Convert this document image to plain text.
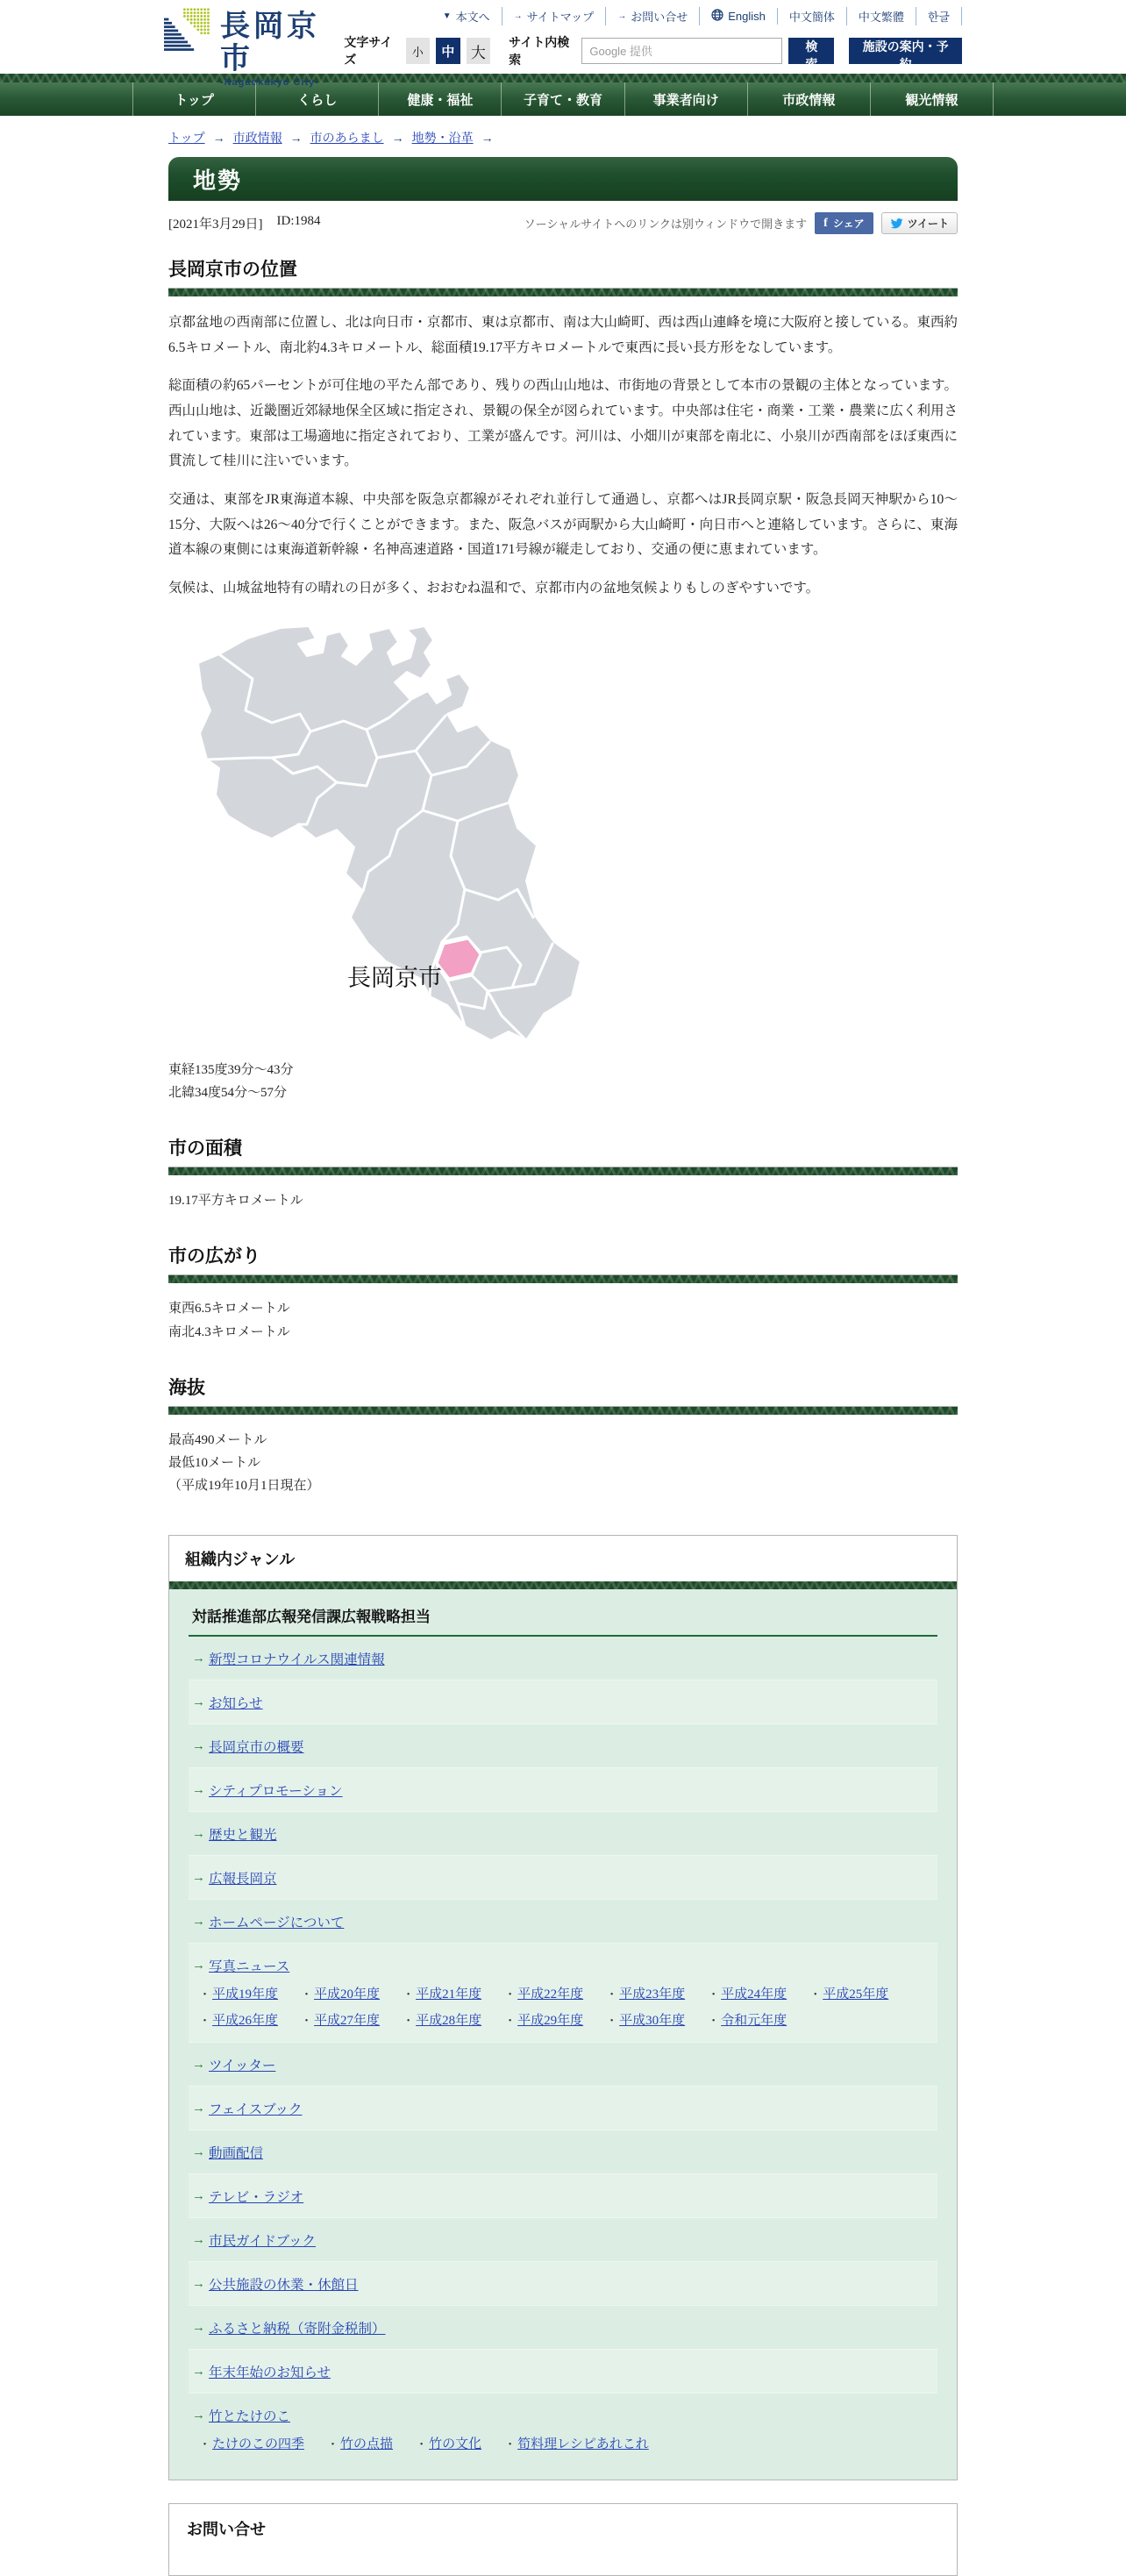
長岡京市
-Nagaokakyo City-
▼ 本文へ	→ サイトマップ	→ お問い合せ	English 中文簡体 中文繁體 한글
文字サイズ
小	中	大
サイト内検索
Google 提供
検索
施設の案内・予約
トップ	くらし	健康・福祉	子育て・教育	事業者向け	市政情報	観光情報
トップ → 市政情報 → 市のあらまし → 地勢・沿革 →
地勢
[2021年3月29日] ID:1984	ソーシャルサイトへのリンクは別ウィンドウで開きます f シェア	ツイート
長岡京市の位置

京都盆地の西南部に位置し、北は向日市・京都市、東は京都市、南は大山崎町、西は西山連峰を境に大阪府と接している。東西約6.5キロメートル、南北約4.3キロメートル、総面積19.17平方キロメートルで東西に長い長方形をなしています。

総面積の約65パーセントが可住地の平たん部であり、残りの西山山地は、市街地の背景として本市の景観の主体となっています。西山山地は、近畿圏近郊緑地保全区域に指定され、景観の保全が図られています。中央部は住宅・商業・工業・農業に広く利用されています。東部は工場適地に指定されており、工業が盛んです。河川は、小畑川が東部を南北に、小泉川が西南部をほぼ東西に貫流して桂川に注いでいます。

交通は、東部をJR東海道本線、中央部を阪急京都線がそれぞれ並行して通過し、京都へはJR長岡京駅・阪急長岡天神駅から10～15分、大阪へは26～40分で行くことができます。また、阪急バスが両駅から大山崎町・向日市へと連絡しています。さらに、東海道本線の東側には東海道新幹線・名神高速道路・国道171号線が縦走しており、交通の便に恵まれています。

気候は、山城盆地特有の晴れの日が多く、おおむね温和で、京都市内の盆地気候よりもしのぎやすいです。

長岡京市

東経135度39分～43分

北緯34度54分～57分

市の面積

19.17平方キロメートル

市の広がり

東西6.5キロメートル

南北4.3キロメートル

海抜

最高490メートル

最低10メートル

（平成19年10月1日現在）

組織内ジャンル
対話推進部広報発信課広報戦略担当
→ 新型コロナウイルス関連情報
→ お知らせ
→ 長岡京市の概要
→ シティプロモーション
→ 歴史と観光
→ 広報長岡京
→ ホームページについて
→ 写真ニュース
・ 平成19年度 ・ 平成20年度 ・ 平成21年度 ・ 平成22年度 ・ 平成23年度 ・ 平成24年度 ・ 平成25年度
・ 平成26年度 ・ 平成27年度 ・ 平成28年度 ・ 平成29年度 ・ 平成30年度 ・ 令和元年度
→ ツイッター
→ フェイスブック
→ 動画配信
→ テレビ・ラジオ
→ 市民ガイドブック
→ 公共施設の休業・休館日
→ ふるさと納税（寄附金税制）
→ 年末年始のお知らせ
→ 竹とたけのこ
・ たけのこの四季 ・ 竹の点描 ・ 竹の文化 ・ 筍料理レシピあれこれ
お問い合せ
